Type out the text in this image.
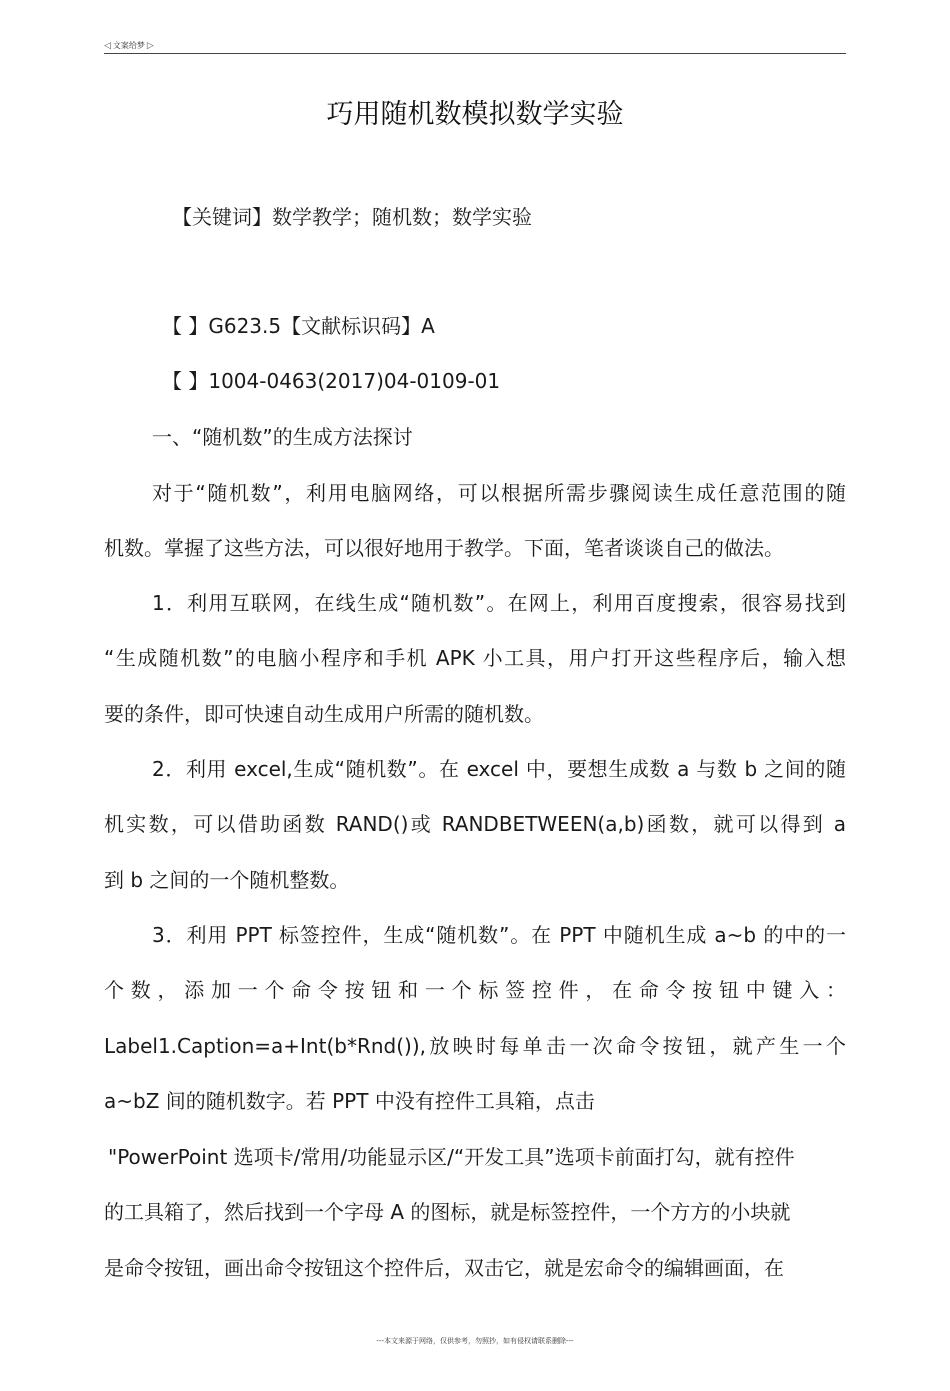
◁ 文案给梦 ▷
巧用随机数模拟数学实验
【关键词】数学教学；随机数；数学实验
【 】G623.5【文献标识码】A
【 】1004-0463(2017)04-0109-01
一、“随机数”的生成方法探讨
对于“随机数”，利用电脑网络，可以根据所需步骤阅读生成任意范围的随
机数。掌握了这些方法，可以很好地用于教学。下面，笔者谈谈自己的做法。
1．利用互联网，在线生成“随机数”。在网上，利用百度搜索，很容易找到
“生成随机数”的电脑小程序和手机 APK 小工具，用户打开这些程序后，输入想
要的条件，即可快速自动生成用户所需的随机数。
2．利用 excel,生成“随机数”。在 excel 中，要想生成数 a 与数 b 之间的随
机实数，可以借助函数 RAND()或 RANDBETWEEN(a,b)函数，就可以得到 a
到 b 之间的一个随机整数。
3．利用 PPT 标签控件，生成“随机数”。在 PPT 中随机生成 a~b 的中的一
个数，添加一个命令按钮和一个标签控件，在命令按钮中键入：
Label1.Caption=a+Int(b*Rnd()),放映时每单击一次命令按钮，就产生一个
a~bZ 间的随机数字。若 PPT 中没有控件工具箱，点击
"PowerPoint 选项卡/常用/功能显示区/“开发工具”选项卡前面打勾，就有控件
的工具箱了，然后找到一个字母 A 的图标，就是标签控件，一个方方的小块就
是命令按钮，画出命令按钮这个控件后，双击它，就是宏命令的编辑画面，在
---本文来源于网络，仅供参考，勿照抄，如有侵权请联系删除---
